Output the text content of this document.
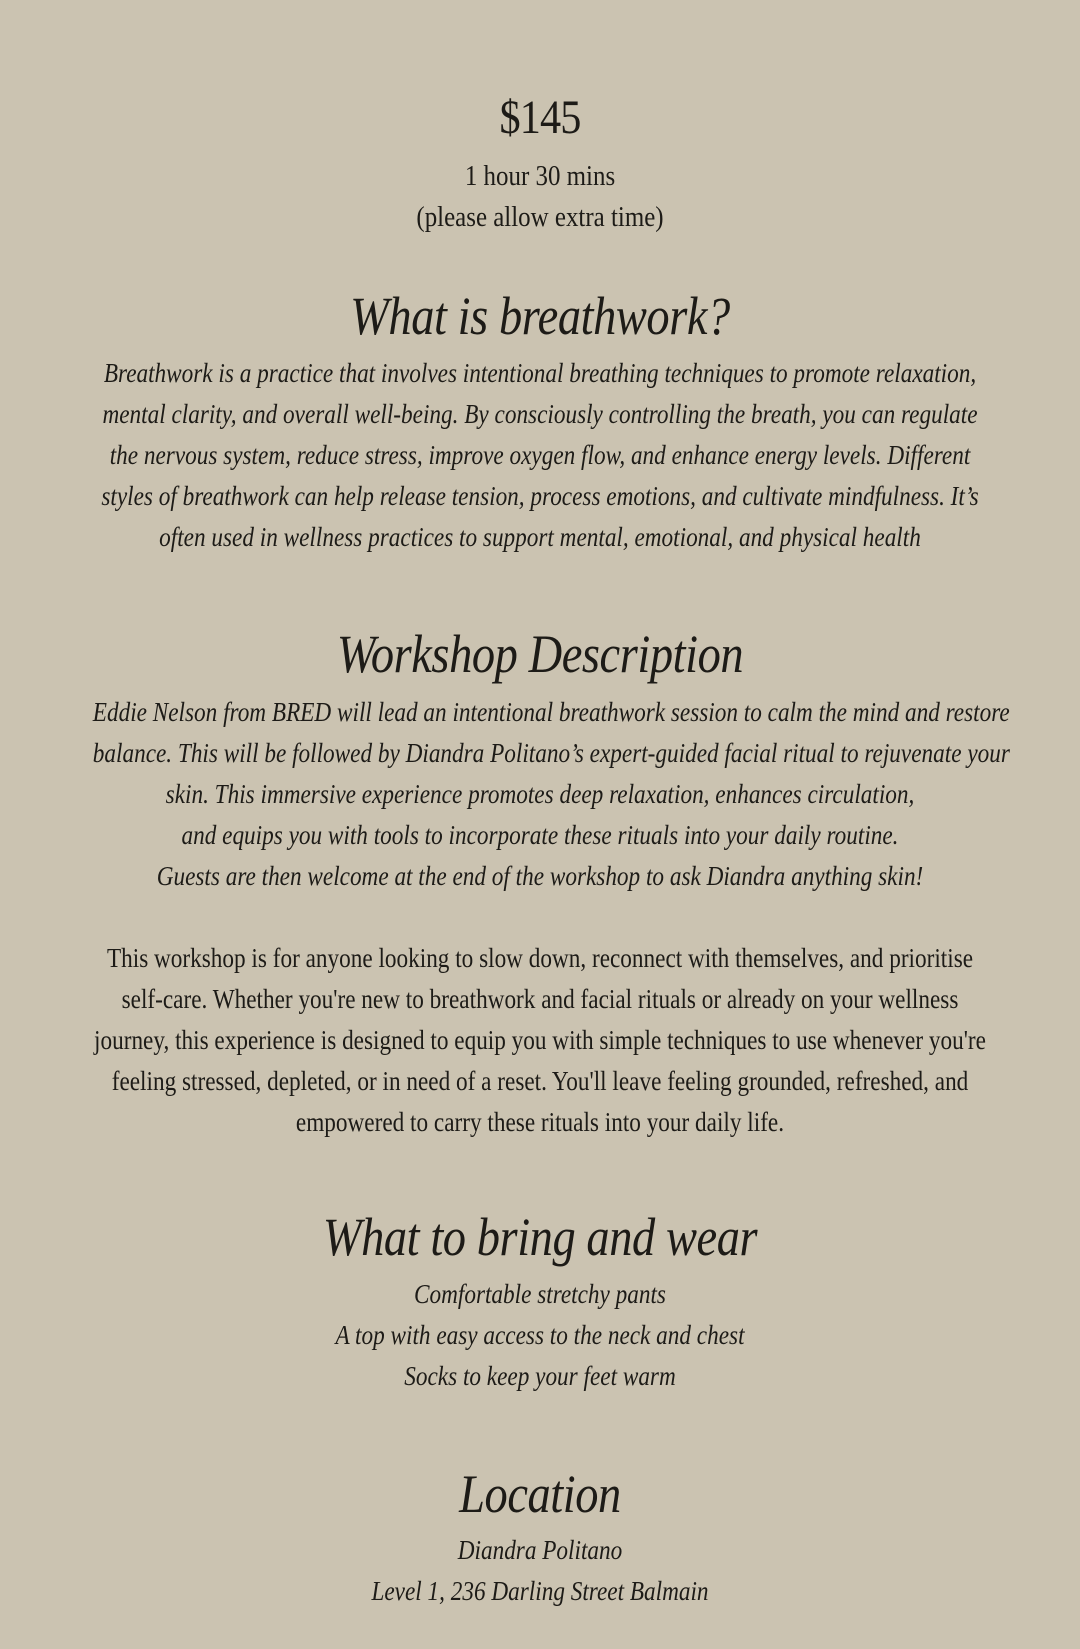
$145
1 hour 30 mins
(please allow extra time)
What is breathwork?

Breathwork is a practice that involves intentional breathing techniques to promote relaxation,

mental clarity, and overall well-being. By consciously controlling the breath, you can regulate

the nervous system, reduce stress, improve oxygen flow, and enhance energy levels. Different

styles of breathwork can help release tension, process emotions, and cultivate mindfulness. It’s

often used in wellness practices to support mental, emotional, and physical health

Workshop Description

Eddie Nelson from BRED will lead an intentional breathwork session to calm the mind and restore

balance. This will be followed by Diandra Politano’s expert-guided facial ritual to rejuvenate your

skin. This immersive experience promotes deep relaxation, enhances circulation,

and equips you with tools to incorporate these rituals into your daily routine.

Guests are then welcome at the end of the workshop to ask Diandra anything skin!

This workshop is for anyone looking to slow down, reconnect with themselves, and prioritise

self-care. Whether you're new to breathwork and facial rituals or already on your wellness

journey, this experience is designed to equip you with simple techniques to use whenever you're

feeling stressed, depleted, or in need of a reset. You'll leave feeling grounded, refreshed, and

empowered to carry these rituals into your daily life.

What to bring and wear

Comfortable stretchy pants

A top with easy access to the neck and chest

Socks to keep your feet warm

Location

Diandra Politano

Level 1, 236 Darling Street Balmain
